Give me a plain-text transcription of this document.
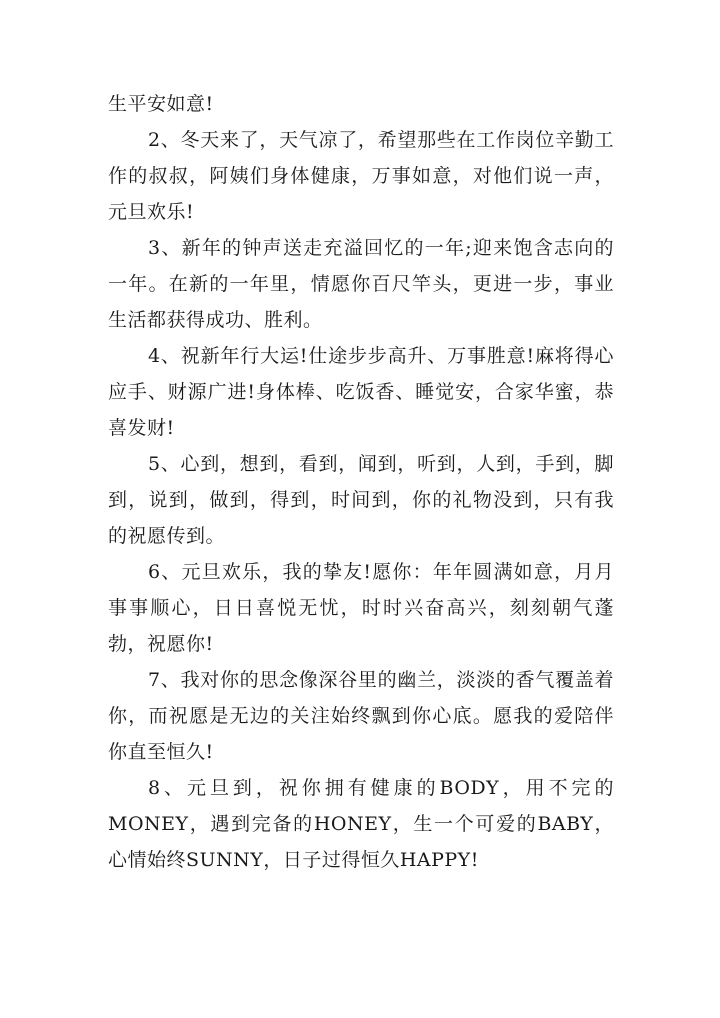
生平安如意!

2、冬天来了，天气凉了，希望那些在工作岗位辛勤工作的叔叔，阿姨们身体健康，万事如意，对他们说一声，元旦欢乐!

3、新年的钟声送走充溢回忆的一年;迎来饱含志向的一年。在新的一年里，情愿你百尺竿头，更进一步，事业生活都获得成功、胜利。

4、祝新年行大运!仕途步步高升、万事胜意!麻将得心应手、财源广进!身体棒、吃饭香、睡觉安，合家华蜜，恭喜发财!

5、心到，想到，看到，闻到，听到，人到，手到，脚到，说到，做到，得到，时间到，你的礼物没到，只有我的祝愿传到。

6、元旦欢乐，我的挚友!愿你：年年圆满如意，月月事事顺心，日日喜悦无忧，时时兴奋高兴，刻刻朝气蓬勃，祝愿你!

7、我对你的思念像深谷里的幽兰，淡淡的香气覆盖着你，而祝愿是无边的关注始终飘到你心底。愿我的爱陪伴你直至恒久!

8、元旦到，祝你拥有健康的BODY，用不完的MONEY，遇到完备的HONEY，生一个可爱的BABY，心情始终SUNNY，日子过得恒久HAPPY!
